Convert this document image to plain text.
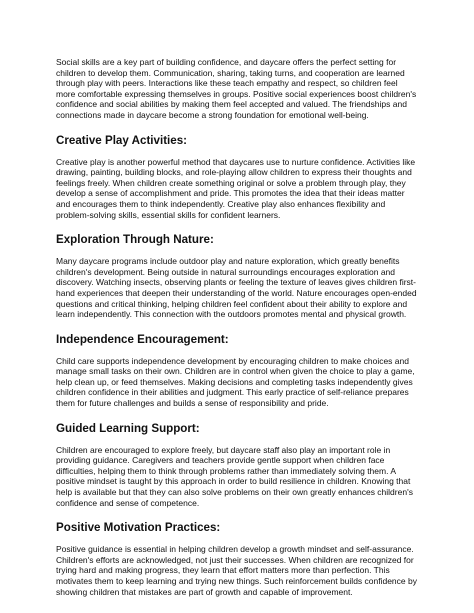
Social skills are a key part of building confidence, and daycare offers the perfect setting for children to develop them. Communication, sharing, taking turns, and cooperation are learned through play with peers. Interactions like these teach empathy and respect, so children feel more comfortable expressing themselves in groups. Positive social experiences boost children's confidence and social abilities by making them feel accepted and valued. The friendships and connections made in daycare become a strong foundation for emotional well-being.

Creative Play Activities:

Creative play is another powerful method that daycares use to nurture confidence. Activities like drawing, painting, building blocks, and role-playing allow children to express their thoughts and feelings freely. When children create something original or solve a problem through play, they develop a sense of accomplishment and pride. This promotes the idea that their ideas matter and encourages them to think independently. Creative play also enhances flexibility and problem-solving skills, essential skills for confident learners.

Exploration Through Nature:

Many daycare programs include outdoor play and nature exploration, which greatly benefits children's development. Being outside in natural surroundings encourages exploration and discovery. Watching insects, observing plants or feeling the texture of leaves gives children first-hand experiences that deepen their understanding of the world. Nature encourages open-ended questions and critical thinking, helping children feel confident about their ability to explore and learn independently. This connection with the outdoors promotes mental and physical growth.

Independence Encouragement:

Child care supports independence development by encouraging children to make choices and manage small tasks on their own. Children are in control when given the choice to play a game, help clean up, or feed themselves. Making decisions and completing tasks independently gives children confidence in their abilities and judgment. This early practice of self-reliance prepares them for future challenges and builds a sense of responsibility and pride.

Guided Learning Support:

Children are encouraged to explore freely, but daycare staff also play an important role in providing guidance. Caregivers and teachers provide gentle support when children face difficulties, helping them to think through problems rather than immediately solving them. A positive mindset is taught by this approach in order to build resilience in children. Knowing that help is available but that they can also solve problems on their own greatly enhances children's confidence and sense of competence.

Positive Motivation Practices:

Positive guidance is essential in helping children develop a growth mindset and self-assurance. Children's efforts are acknowledged, not just their successes. When children are recognized for trying hard and making progress, they learn that effort matters more than perfection. This motivates them to keep learning and trying new things. Such reinforcement builds confidence by showing children that mistakes are part of growth and capable of improvement.
